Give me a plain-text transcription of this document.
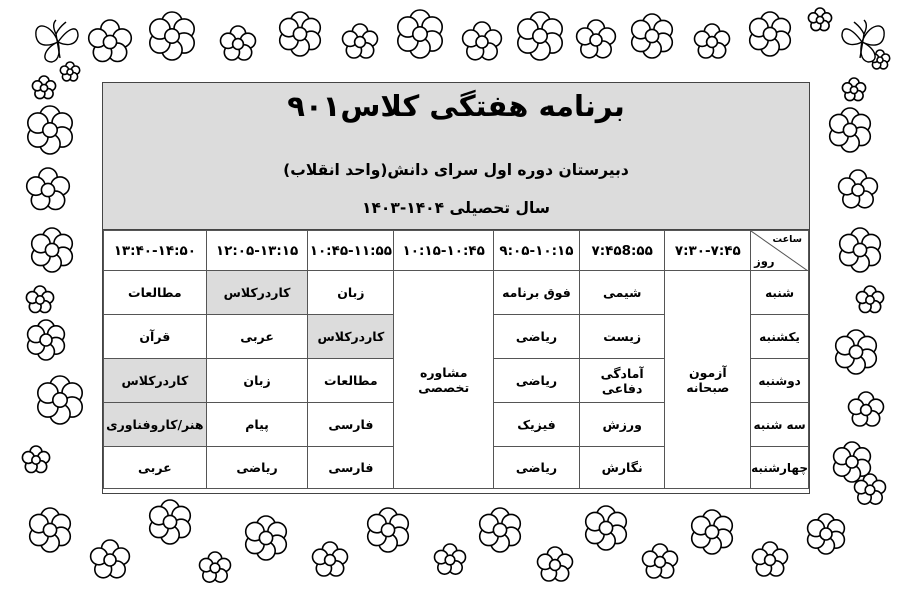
برنامه هفتگی کلاس۹۰۱
دبیرستان دوره اول سرای دانش(واحد انقلاب)
سال تحصیلی ۱۴۰۴-۱۴۰۳
ساعت
روز	۷:۳۰-۷:۴۵	۷:۴۵8:۵۵	۹:۰۵-۱۰:۱۵	۱۰:۱۵-۱۰:۴۵	۱۰:۴۵-۱۱:۵۵	۱۲:۰۵-۱۳:۱۵	۱۳:۴۰-۱۴:۵۰
شنبه	آزمون صبحانه	شیمی	فوق برنامه	مشاوره تخصصی	زبان	کاردرکلاس	مطالعات
یکشنبه		زیست	ریاضی		کاردرکلاس	عربی	قرآن
دوشنبه		آمادگی دفاعی	ریاضی		مطالعات	زبان	کاردرکلاس
سه شنبه		ورزش	فیزیک		فارسی	پیام	هنر/کاروفناوری
چهارشنبه		نگارش	ریاضی		فارسی	ریاضی	عربی
